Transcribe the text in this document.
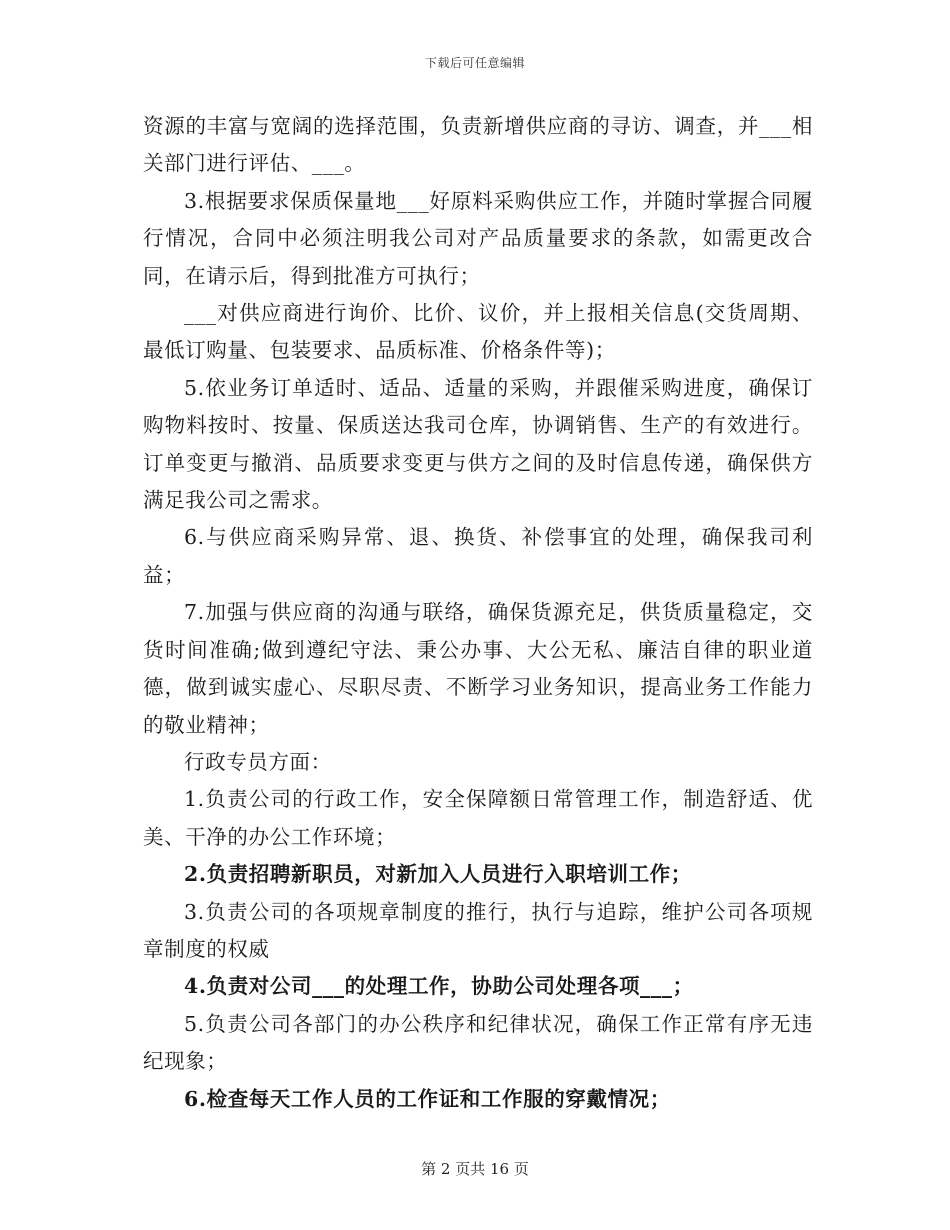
下载后可任意编辑

资源的丰富与宽阔的选择范围，负责新增供应商的寻访、调查，并___相关部门进行评估、___。

3.根据要求保质保量地___好原料采购供应工作，并随时掌握合同履行情况，合同中必须注明我公司对产品质量要求的条款，如需更改合同，在请示后，得到批准方可执行；

___对供应商进行询价、比价、议价，并上报相关信息(交货周期、最低订购量、包装要求、品质标准、价格条件等)；

5.依业务订单适时、适品、适量的采购，并跟催采购进度，确保订购物料按时、按量、保质送达我司仓库，协调销售、生产的有效进行。订单变更与撤消、品质要求变更与供方之间的及时信息传递，确保供方满足我公司之需求。

6.与供应商采购异常、退、换货、补偿事宜的处理，确保我司利益；

7.加强与供应商的沟通与联络，确保货源充足，供货质量稳定，交货时间准确;做到遵纪守法、秉公办事、大公无私、廉洁自律的职业道德，做到诚实虚心、尽职尽责、不断学习业务知识，提高业务工作能力的敬业精神；

行政专员方面：

1.负责公司的行政工作，安全保障额日常管理工作，制造舒适、优美、干净的办公工作环境；

2.负责招聘新职员，对新加入人员进行入职培训工作；

3.负责公司的各项规章制度的推行，执行与追踪，维护公司各项规章制度的权威

4.负责对公司___的处理工作，协助公司处理各项___；

5.负责公司各部门的办公秩序和纪律状况，确保工作正常有序无违纪现象；

6.检查每天工作人员的工作证和工作服的穿戴情况；

第 2 页共 16 页
